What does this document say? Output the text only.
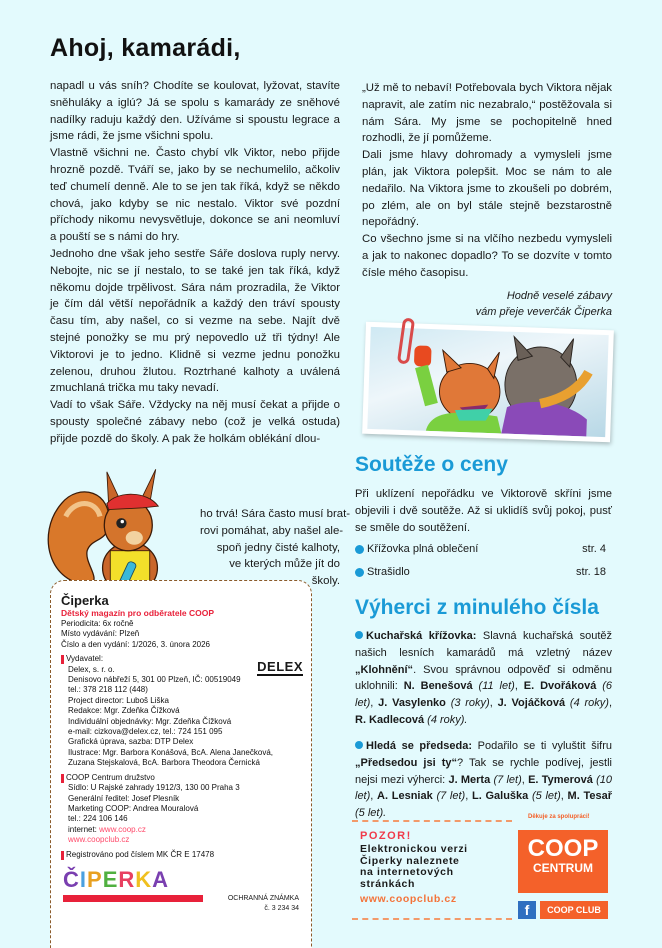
Ahoj, kamarádi,

napadl u vás sníh? Chodíte se koulovat, lyžovat, stavíte sněhuláky a iglú? Já se spolu s kamarády ze sněhové nadílky raduju každý den. Užíváme si spoustu legrace a jsme rádi, že jsme všichni spolu.

Vlastně všichni ne. Často chybí vlk Viktor, nebo přijde hrozně pozdě. Tváří se, jako by se nechumelilo, ačkoliv teď chumelí denně. Ale to se jen tak říká, když se někdo chová, jako kdyby se nic nestalo. Viktor své pozdní příchody nikomu nevysvětluje, dokonce se ani neomluví a pouští se s námi do hry.

Jednoho dne však jeho sestře Sáře doslova ruply nervy. Nebojte, nic se jí nestalo, to se také jen tak říká, když někomu dojde trpělivost. Sára nám prozradila, že Viktor je čím dál větší nepořádník a každý den tráví spousty času tím, aby našel, co si vezme na sebe. Najít dvě stejné ponožky se mu prý nepovedlo už tři týdny! Ale Viktorovi je to jedno. Klidně si vezme jednu ponožku zelenou, druhou žlutou. Roztrhané kalhoty a uválená zmuchlaná trička mu taky nevadí.

Vadí to však Sáře. Vždycky na něj musí čekat a přijde o spousty společné zábavy nebo (což je velká ostuda) přijde pozdě do školy. A pak že holkám oblékání dlou-

ho trvá! Sára často musí brat-
rovi pomáhat, aby našel ale-
spoň jedny čisté kalhoty,
ve kterých může jít do
školy.

„Už mě to nebaví! Potřebovala bych Viktora nějak napravit, ale zatím nic nezabralo,“ postěžovala si nám Sára. My jsme se pochopitelně hned rozhodli, že jí pomůžeme.

Dali jsme hlavy dohromady a vymysleli jsme plán, jak Viktora polepšit. Moc se nám to ale nedařilo. Na Viktora jsme to zkoušeli po dobrém, po zlém, ale on byl stále stejně bezstarostně nepořádný.

Co všechno jsme si na vlčího nezbedu vymysleli a jak to nakonec dopadlo? To se dozvíte v tomto čísle mého časopisu.

Hodně veselé zábavy
vám přeje veverčák Čiperka
Soutěže o ceny
Při uklízení nepořádku ve Viktorově skříni jsme objevili i dvě soutěže. Až si uklidíš svůj pokoj, pusť se směle do soutěžení.
Křížovka plná oblečení	str. 4
Strašidlo	str. 18
Výherci z minulého čísla
Kuchařská křížovka: Slavná kuchařská soutěž našich lesních kamarádů má vzletný název „Klohnění“. Svou správnou odpověď si odměnu uklohnili: N. Benešová (11 let), E. Dvořáková (6 let), J. Vasylenko (3 roky), J. Vojáčková (4 roky), R. Kadlecová (4 roky).
Hledá se předseda: Podařilo se ti vyluštit šifru „Předsedou jsi ty“? Tak se rychle podívej, jestli nejsi mezi výherci: J. Merta (7 let), E. Tymerová (10 let), A. Lesniak (7 let), L. Galuška (5 let), M. Tesař (5 let).
Čiperka
Dětský magazín pro odběratele COOP
Periodicita: 6x ročně
Místo vydávání: Plzeň
Číslo a den vydání: 1/2026, 3. února 2026
Vydavatel:
Delex, s. r. o.
Denisovo nábřeží 5, 301 00 Plzeň, IČ: 00519049
tel.: 378 218 112 (448)
Project director: Luboš Liška
Redakce: Mgr. Zdeňka Čížková
Individuální objednávky: Mgr. Zdeňka Čížková
e-mail: cizkova@delex.cz, tel.: 724 151 095
Grafická úprava, sazba: DTP Delex
Ilustrace: Mgr. Barbora Konášová, BcA. Alena Janečková,
Zuzana Stejskalová, BcA. Barbora Theodora Černická
DELEX
COOP Centrum družstvo
Sídlo: U Rajské zahrady 1912/3, 130 00 Praha 3
Generální ředitel: Josef Plesník
Marketing COOP: Andrea Mouralová
tel.: 224 106 146
internet: www.coop.cz
www.coopclub.cz
Registrováno pod číslem MK ČR E 17478
ČIPERKA
OCHRANNÁ ZNÁMKA
č. 3 234 34
POZOR!
Elektronickou verzi
Čiperky naleznete
na internetových
stránkách
www.coopclub.cz
Děkuje za spolupráci!
COOP
CENTRUM
f	COOP CLUB
